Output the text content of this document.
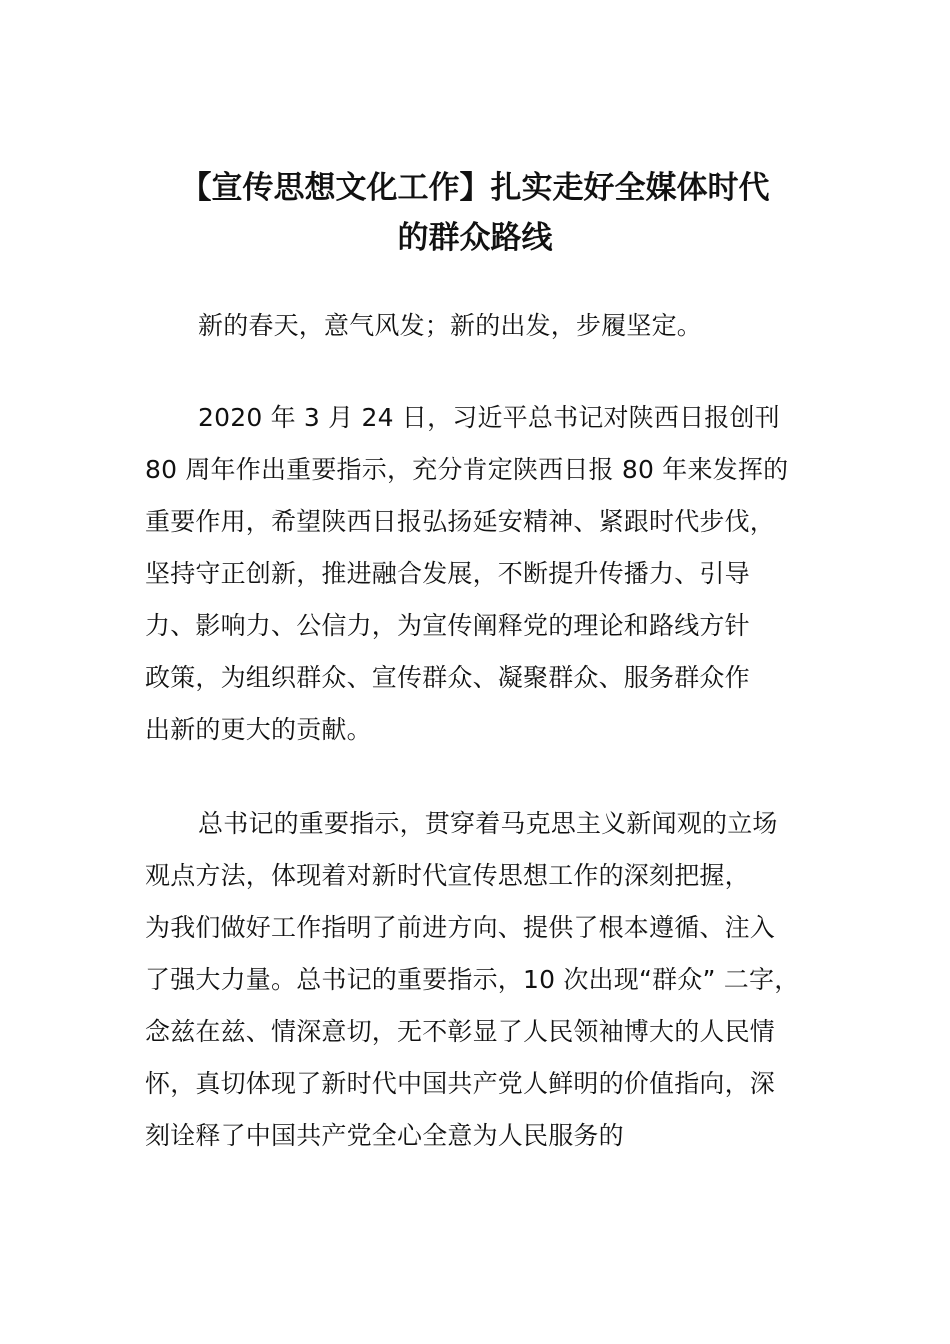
【宣传思想文化工作】扎实走好全媒体时代
的群众路线
新的春天，意气风发；新的出发，步履坚定。
2020 年 3 月 24 日，习近平总书记对陕西日报创刊
80 周年作出重要指示，充分肯定陕西日报 80 年来发挥的
重要作用，希望陕西日报弘扬延安精神、紧跟时代步伐，
坚持守正创新，推进融合发展，不断提升传播力、引导
力、影响力、公信力，为宣传阐释党的理论和路线方针
政策，为组织群众、宣传群众、凝聚群众、服务群众作
出新的更大的贡献。
总书记的重要指示，贯穿着马克思主义新闻观的立场
观点方法，体现着对新时代宣传思想工作的深刻把握，
为我们做好工作指明了前进方向、提供了根本遵循、注入
了强大力量。总书记的重要指示，10 次出现“群众” 二字，
念兹在兹、情深意切，无不彰显了人民领袖博大的人民情
怀，真切体现了新时代中国共产党人鲜明的价值指向，深
刻诠释了中国共产党全心全意为人民服务的
